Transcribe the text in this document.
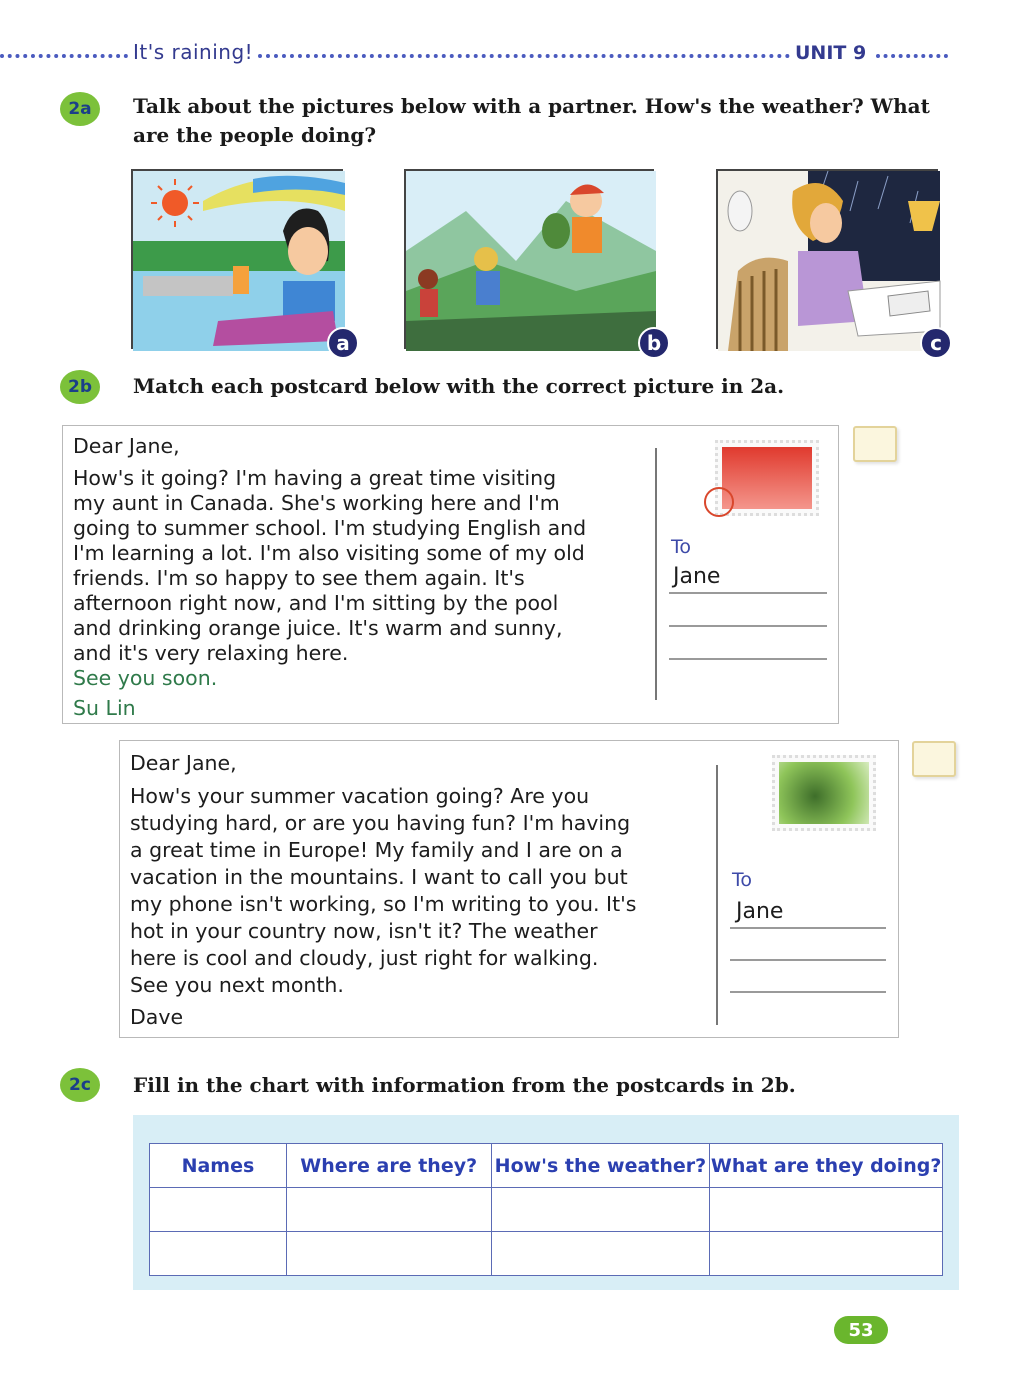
It's raining!	UNIT 9
2a	Talk about the pictures below with a partner. How's the weather? What are the people doing?
a	b	c
2b	Match each postcard below with the correct picture in 2a.
Dear Jane,
How's it going? I'm having a great time visiting
my aunt in Canada. She's working here and I'm
going to summer school. I'm studying English and
I'm learning a lot. I'm also visiting some of my old
friends. I'm so happy to see them again. It's
afternoon right now, and I'm sitting by the pool
and drinking orange juice. It's warm and sunny,
and it's very relaxing here.
See you soon.
Su Lin
To
Jane
Dear Jane,
How's your summer vacation going? Are you
studying hard, or are you having fun? I'm having
a great time in Europe! My family and I are on a
vacation in the mountains. I want to call you but
my phone isn't working, so I'm writing to you. It's
hot in your country now, isn't it? The weather
here is cool and cloudy, just right for walking.
See you next month.
Dave
To
Jane
2c	Fill in the chart with information from the postcards in 2b.
Names	Where are they?	How's the weather?	What are they doing?

53
